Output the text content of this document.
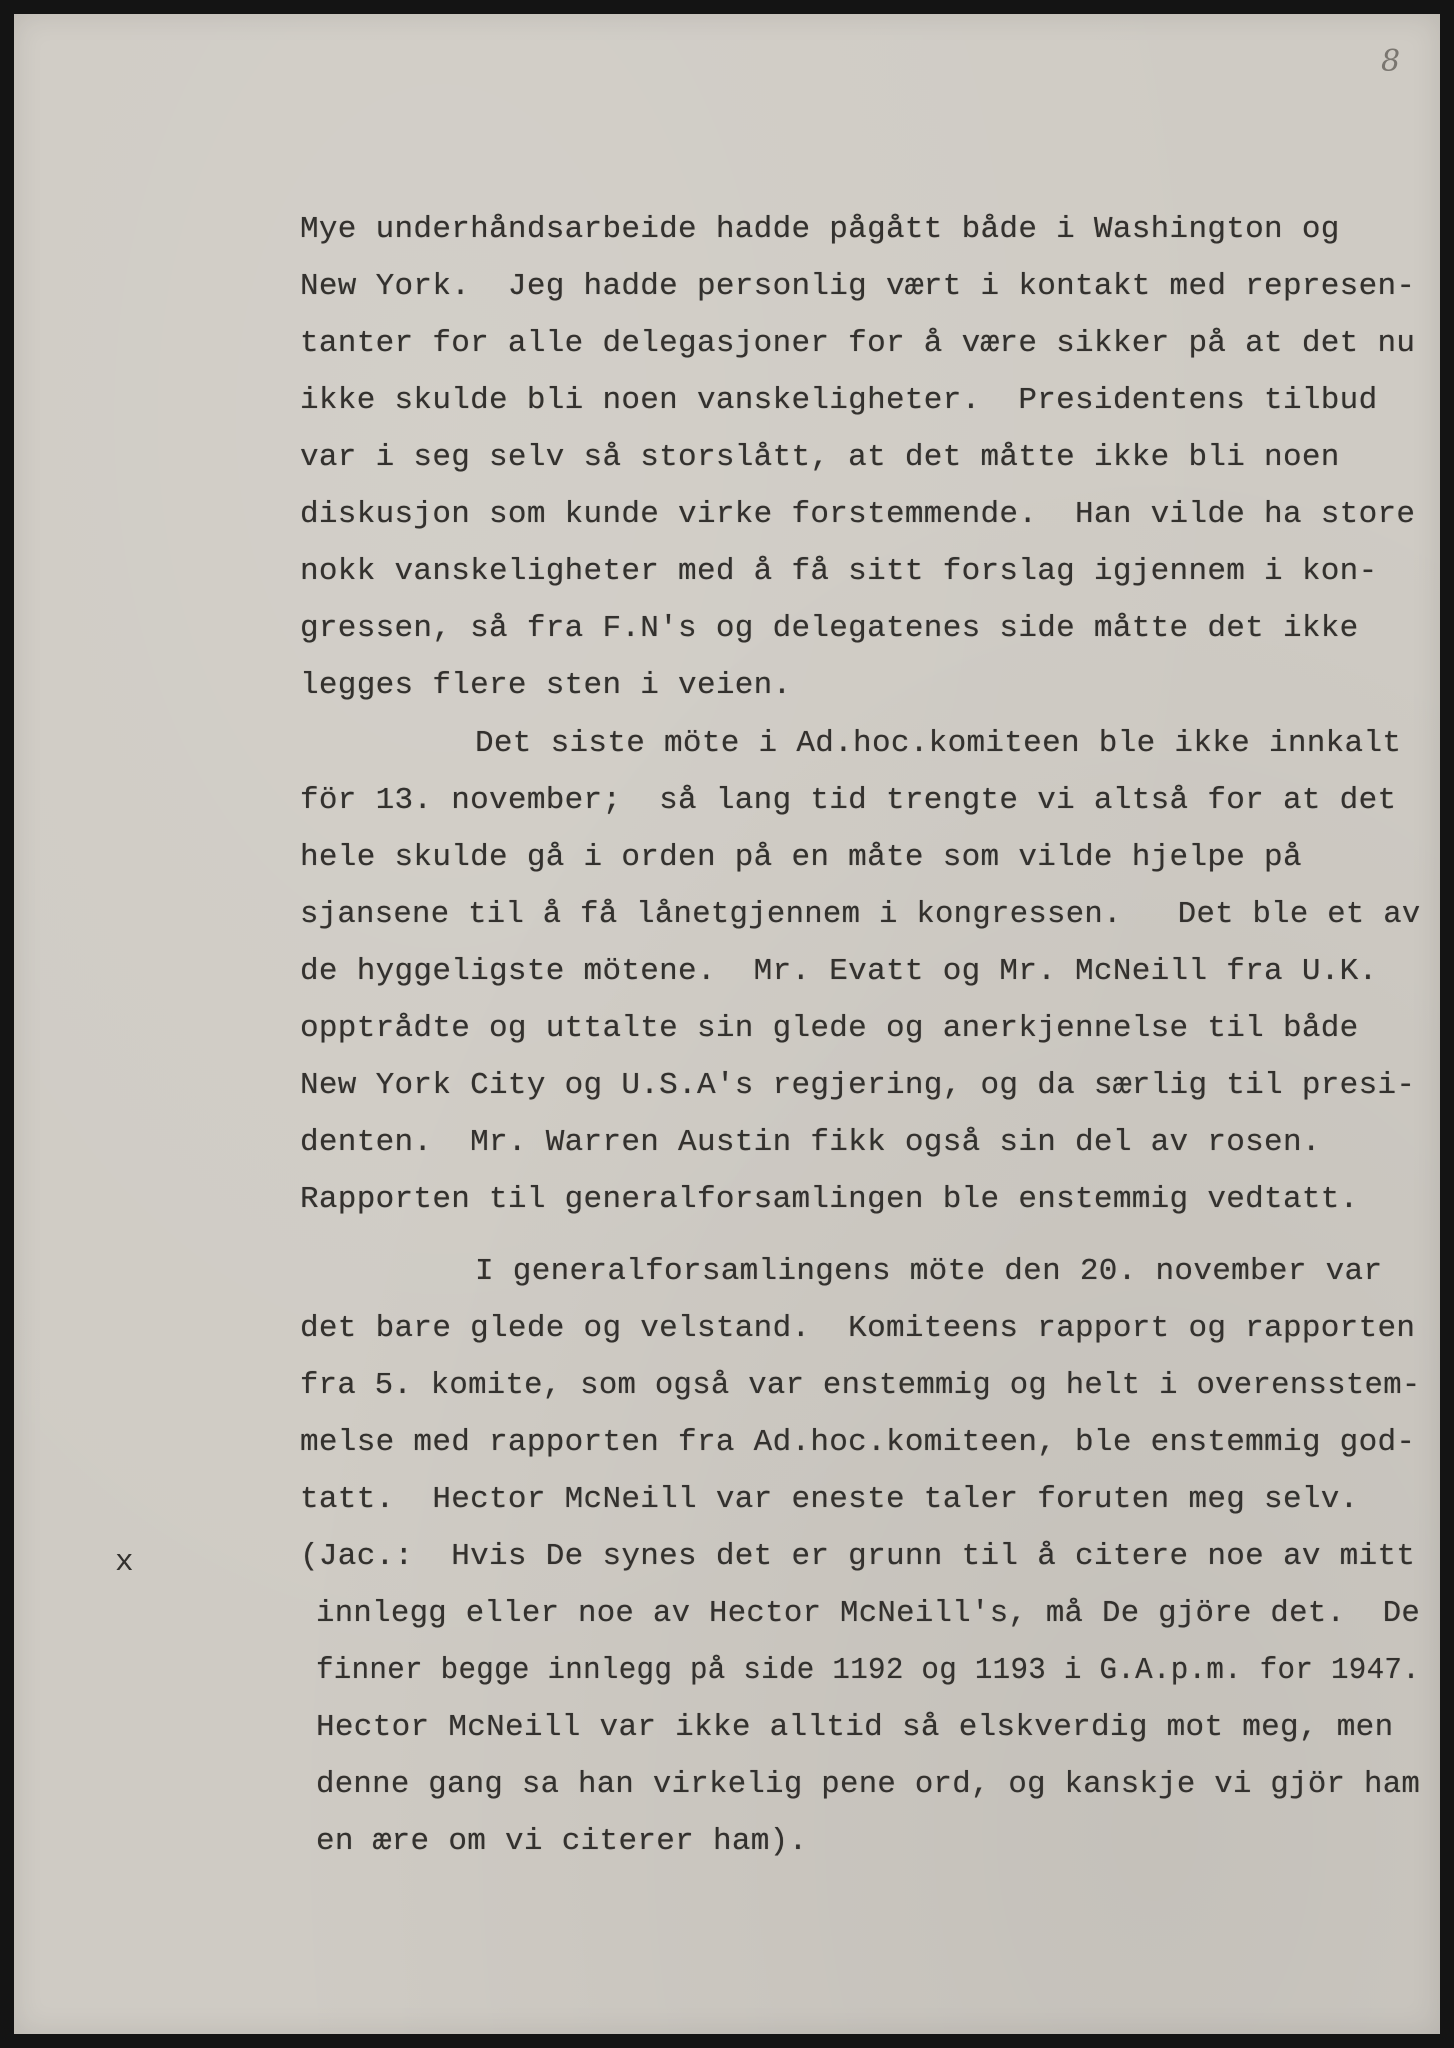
8
x
Mye underhåndsarbeide hadde pågått både i Washington og
New York.  Jeg hadde personlig vært i kontakt med represen-
tanter for alle delegasjoner for å være sikker på at det nu
ikke skulde bli noen vanskeligheter.  Presidentens tilbud
var i seg selv så storslått, at det måtte ikke bli noen
diskusjon som kunde virke forstemmende.  Han vilde ha store
nokk vanskeligheter med å få sitt forslag igjennem i kon-
gressen, så fra F.N's og delegatenes side måtte det ikke
legges flere sten i veien.
Det siste möte i Ad.hoc.komiteen ble ikke innkalt
för 13. november;  så lang tid trengte vi altså for at det
hele skulde gå i orden på en måte som vilde hjelpe på
sjansene til å få lånetgjennem i kongressen.   Det ble et av
de hyggeligste mötene.  Mr. Evatt og Mr. McNeill fra U.K.
opptrådte og uttalte sin glede og anerkjennelse til både
New York City og U.S.A's regjering, og da særlig til presi-
denten.  Mr. Warren Austin fikk også sin del av rosen.
Rapporten til generalforsamlingen ble enstemmig vedtatt.
I generalforsamlingens möte den 20. november var
det bare glede og velstand.  Komiteens rapport og rapporten
fra 5. komite, som også var enstemmig og helt i overensstem-
melse med rapporten fra Ad.hoc.komiteen, ble enstemmig god-
tatt.  Hector McNeill var eneste taler foruten meg selv.
(Jac.:  Hvis De synes det er grunn til å citere noe av mitt
innlegg eller noe av Hector McNeill's, må De gjöre det.  De
finner begge innlegg på side 1192 og 1193 i G.A.p.m. for 1947.
Hector McNeill var ikke alltid så elskverdig mot meg, men
denne gang sa han virkelig pene ord, og kanskje vi gjör ham
en ære om vi citerer ham).
